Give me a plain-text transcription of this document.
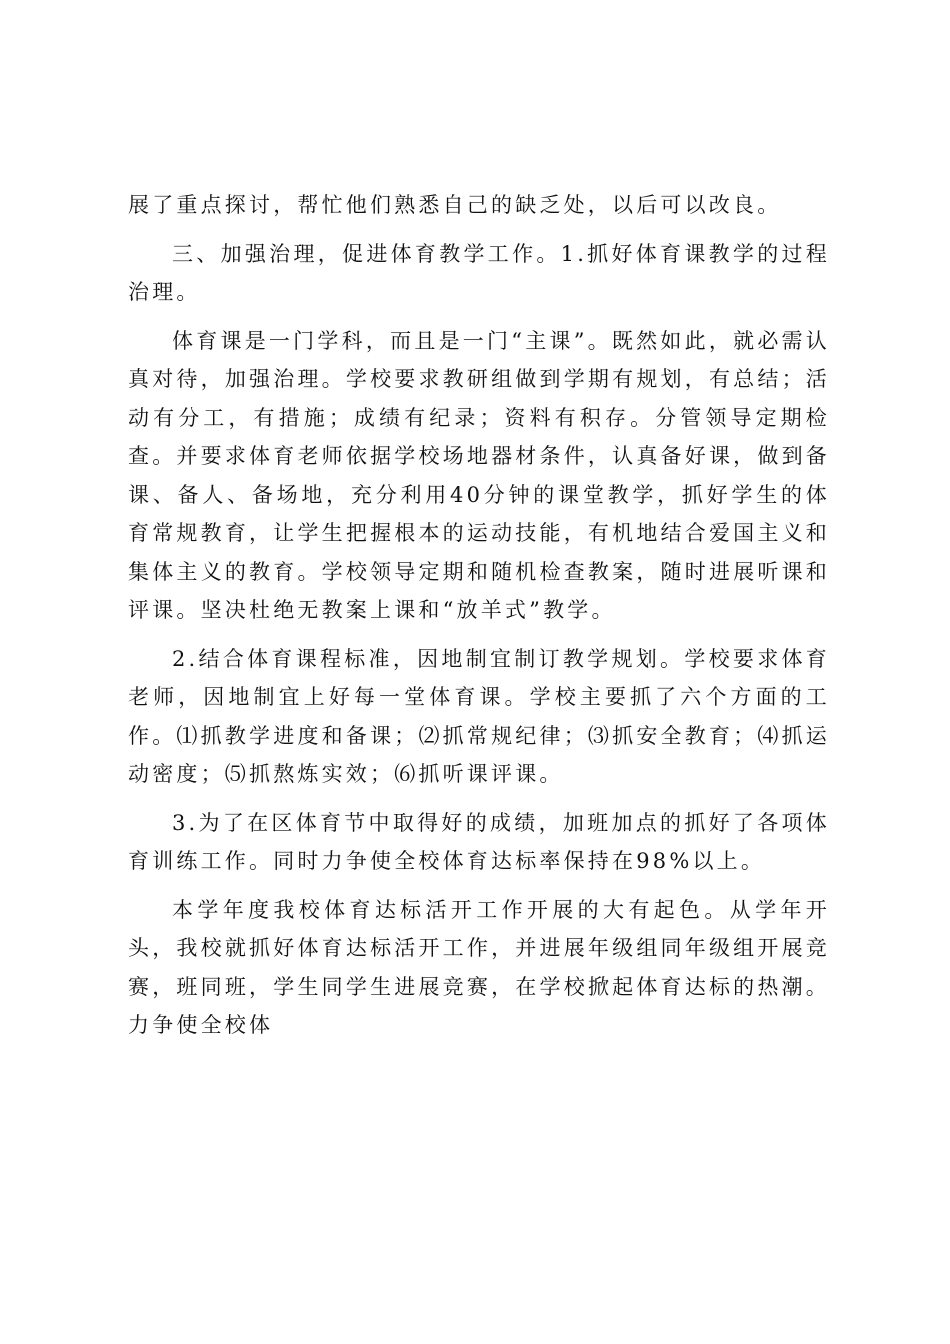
展了重点探讨，帮忙他们熟悉自己的缺乏处，以后可以改良。

三、加强治理，促进体育教学工作。1.抓好体育课教学的过程治理。

体育课是一门学科，而且是一门“主课”。既然如此，就必需认真对待，加强治理。学校要求教研组做到学期有规划，有总结；活动有分工，有措施；成绩有纪录；资料有积存。分管领导定期检查。并要求体育老师依据学校场地器材条件，认真备好课，做到备课、备人、备场地，充分利用40分钟的课堂教学，抓好学生的体育常规教育，让学生把握根本的运动技能，有机地结合爱国主义和集体主义的教育。学校领导定期和随机检查教案，随时进展听课和评课。坚决杜绝无教案上课和“放羊式”教学。

2.结合体育课程标准，因地制宜制订教学规划。学校要求体育老师，因地制宜上好每一堂体育课。学校主要抓了六个方面的工作。⑴抓教学进度和备课；⑵抓常规纪律；⑶抓安全教育；⑷抓运动密度；⑸抓熬炼实效；⑹抓听课评课。

3.为了在区体育节中取得好的成绩，加班加点的抓好了各项体育训练工作。同时力争使全校体育达标率保持在98%以上。

本学年度我校体育达标活开工作开展的大有起色。从学年开头，我校就抓好体育达标活开工作，并进展年级组同年级组开展竞赛，班同班，学生同学生进展竞赛，在学校掀起体育达标的热潮。力争使全校体
